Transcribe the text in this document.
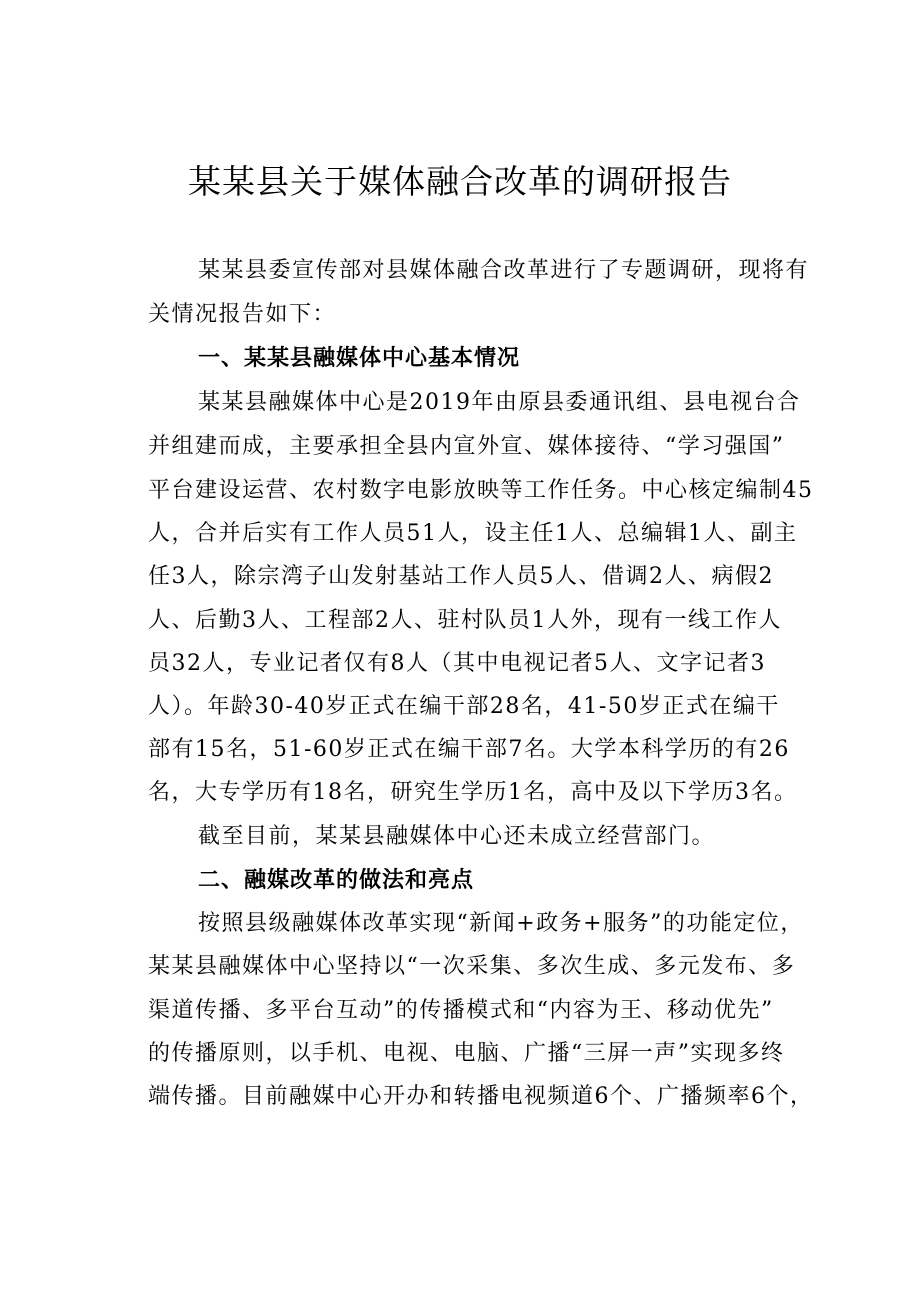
某某县关于媒体融合改革的调研报告
某某县委宣传部对县媒体融合改革进行了专题调研，现将有
关情况报告如下：
一、某某县融媒体中心基本情况
某某县融媒体中心是2019年由原县委通讯组、县电视台合
并组建而成，主要承担全县内宣外宣、媒体接待、“学习强国”
平台建设运营、农村数字电影放映等工作任务。中心核定编制45
人，合并后实有工作人员51人，设主任1人、总编辑1人、副主
任3人，除宗湾子山发射基站工作人员5人、借调2人、病假2
人、后勤3人、工程部2人、驻村队员1人外，现有一线工作人
员32人，专业记者仅有8人（其中电视记者5人、文字记者3
人）。年龄30-40岁正式在编干部28名，41-50岁正式在编干
部有15名，51-60岁正式在编干部7名。大学本科学历的有26
名，大专学历有18名，研究生学历1名，高中及以下学历3名。
截至目前，某某县融媒体中心还未成立经营部门。
二、融媒改革的做法和亮点
按照县级融媒体改革实现“新闻+政务+服务”的功能定位，
某某县融媒体中心坚持以“一次采集、多次生成、多元发布、多
渠道传播、多平台互动”的传播模式和“内容为王、移动优先”
的传播原则，以手机、电视、电脑、广播“三屏一声”实现多终
端传播。目前融媒中心开办和转播电视频道6个、广播频率6个，
